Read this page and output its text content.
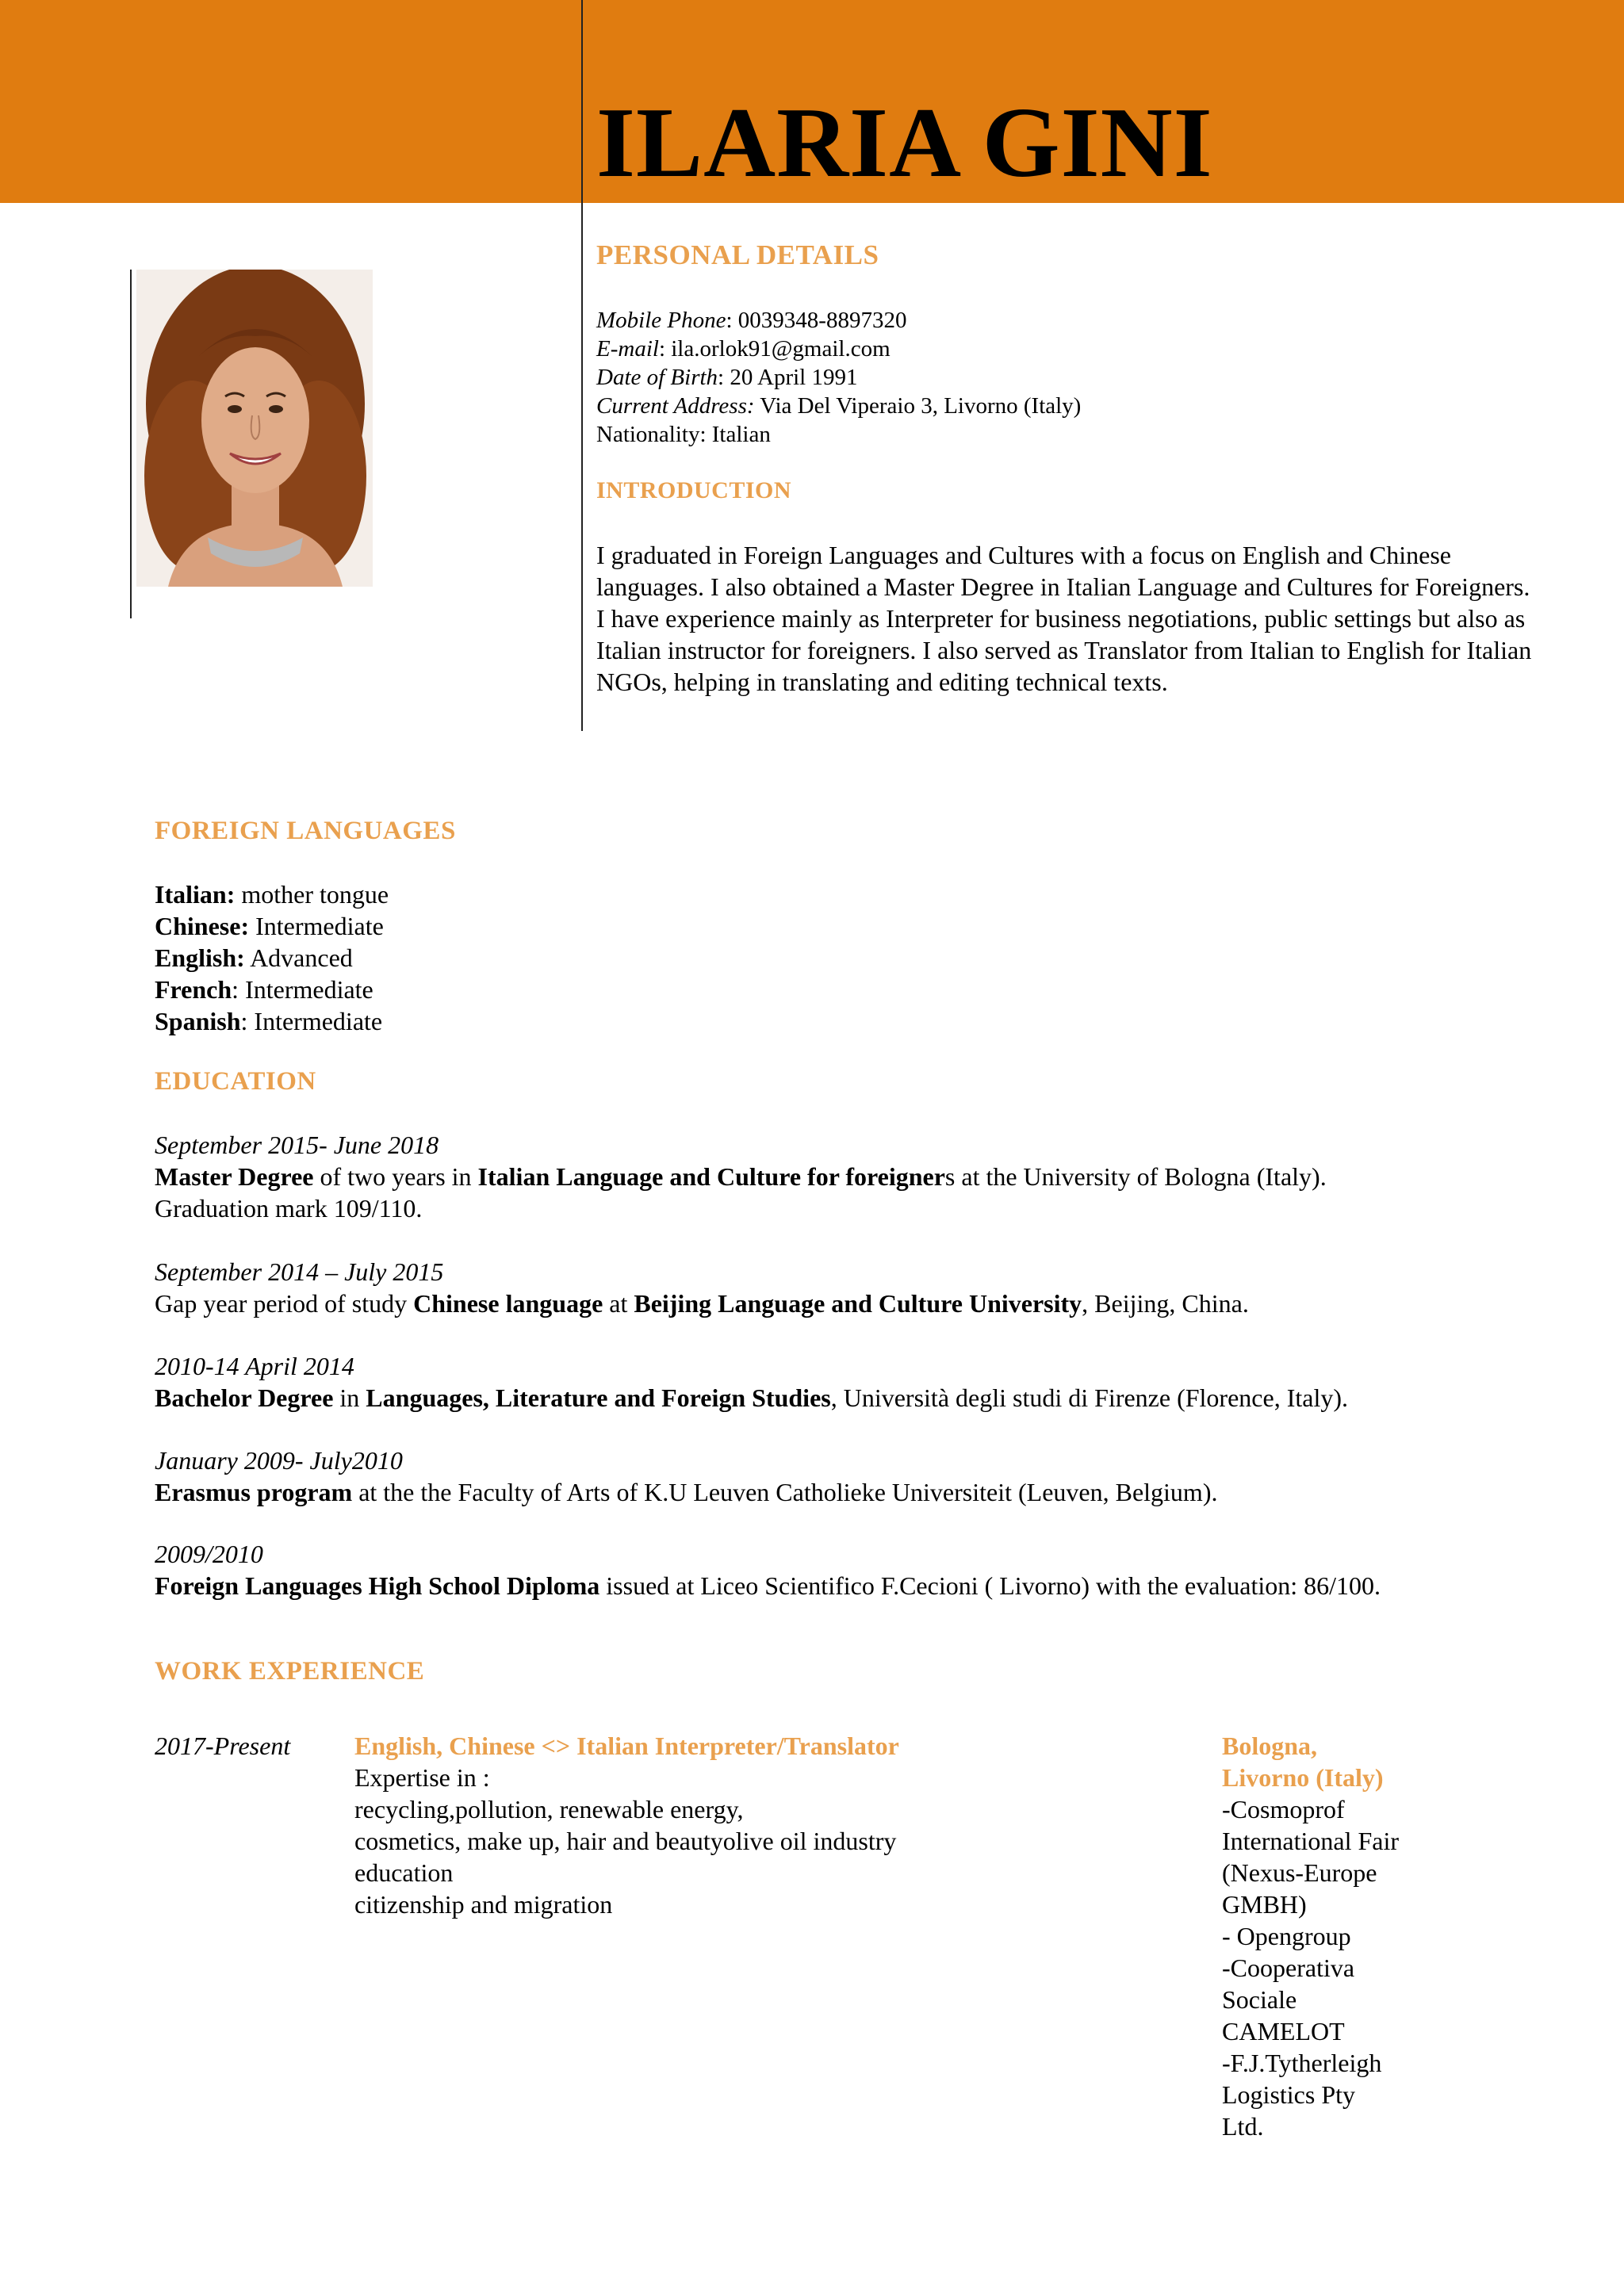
ILARIA GINI
PERSONAL DETAILS
Mobile Phone: 0039348-8897320
E-mail: ila.orlok91@gmail.com
Date of Birth: 20 April 1991
Current Address: Via Del Viperaio 3, Livorno (Italy)
Nationality: Italian
INTRODUCTION
I graduated in Foreign Languages and Cultures with a focus on English and Chinese
languages. I also obtained a Master Degree in Italian Language and Cultures for Foreigners.
I have experience mainly as Interpreter for business negotiations, public settings but also as
Italian instructor for foreigners. I also served as Translator from Italian to English for Italian
NGOs, helping in translating and editing technical texts.
FOREIGN LANGUAGES
Italian: mother tongue
Chinese: Intermediate
English: Advanced
French: Intermediate
Spanish: Intermediate
EDUCATION
September 2015- June 2018
Master Degree of two years in Italian Language and Culture for foreigners at the University of Bologna (Italy).
Graduation mark 109/110.
September 2014 – July 2015
Gap year period of study Chinese language at Beijing Language and Culture University, Beijing, China.
2010-14 April 2014
Bachelor Degree in Languages, Literature and Foreign Studies, Università degli studi di Firenze (Florence, Italy).
January 2009- July2010
Erasmus program at the the Faculty of Arts of K.U Leuven Catholieke Universiteit (Leuven, Belgium).
2009/2010
Foreign Languages High School Diploma issued at Liceo Scientifico F.Cecioni ( Livorno) with the evaluation: 86/100.
WORK EXPERIENCE
2017-Present	English, Chinese <> Italian Interpreter/Translator
Expertise in :
recycling,pollution, renewable energy,
cosmetics, make up, hair and beautyolive oil industry
education
citizenship and migration
Bologna,
Livorno (Italy)
-Cosmoprof
International Fair
(Nexus-Europe
GMBH)
- Opengroup
-Cooperativa
Sociale
CAMELOT
-F.J.Tytherleigh
Logistics Pty
Ltd.
